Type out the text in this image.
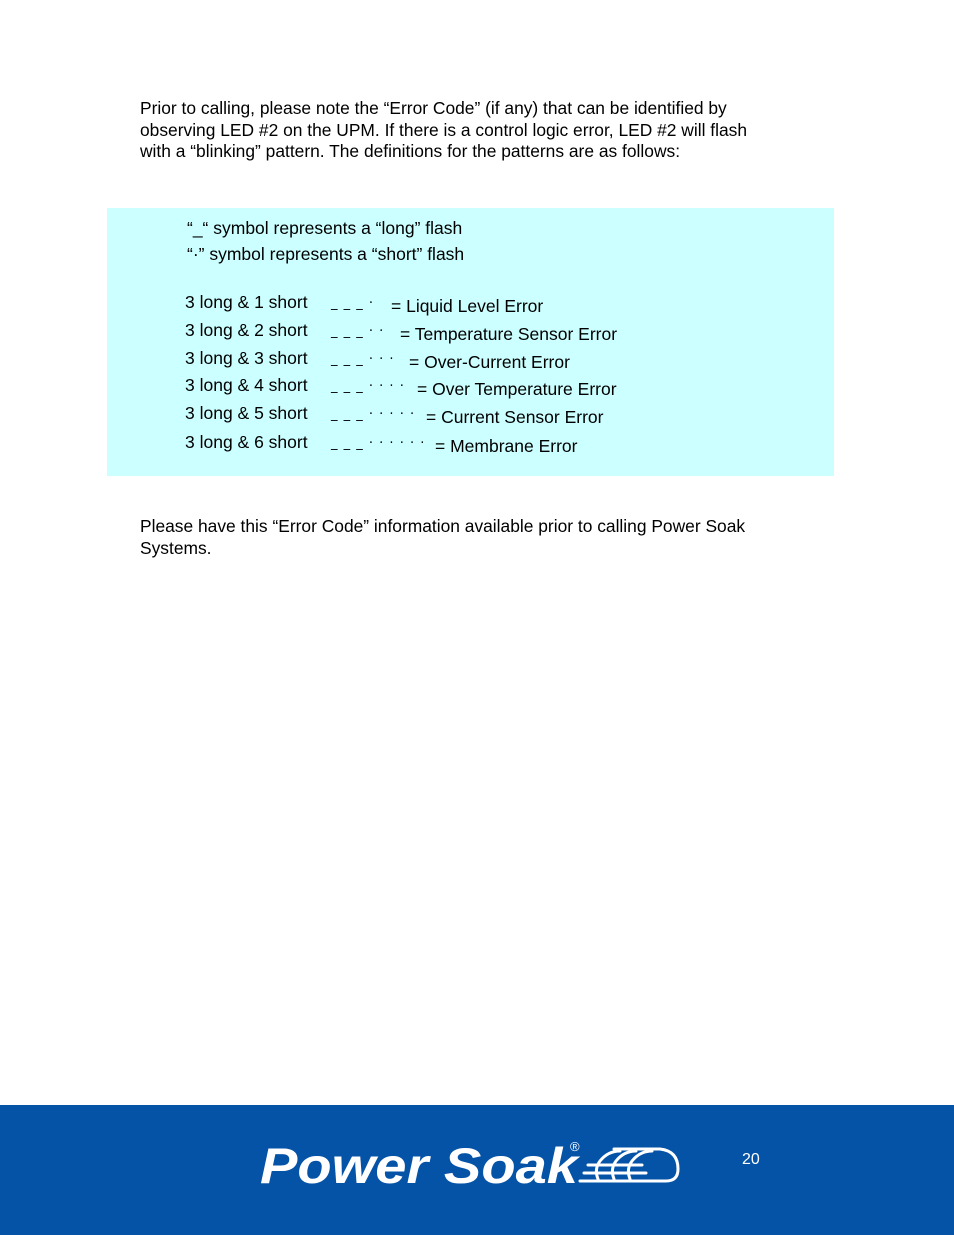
Prior to calling, please note the “Error Code” (if any) that can be identified by observing LED #2 on the UPM. If there is a control logic error, LED #2 will flash with a “blinking” pattern. The definitions for the patterns are as follows:

“_“ symbol represents a “long” flash
“·” symbol represents a “short” flash
3 long & 1 short _ _ _ · = Liquid Level Error
3 long & 2 short _ _ _ · · = Temperature Sensor Error
3 long & 3 short _ _ _ · · · = Over-Current Error
3 long & 4 short _ _ _ · · · · = Over Temperature Error
3 long & 5 short _ _ _ · · · · · = Current Sensor Error
3 long & 6 short _ _ _ · · · · · · = Membrane Error

Please have this “Error Code” information available prior to calling Power Soak Systems.

Power Soak
®
20
